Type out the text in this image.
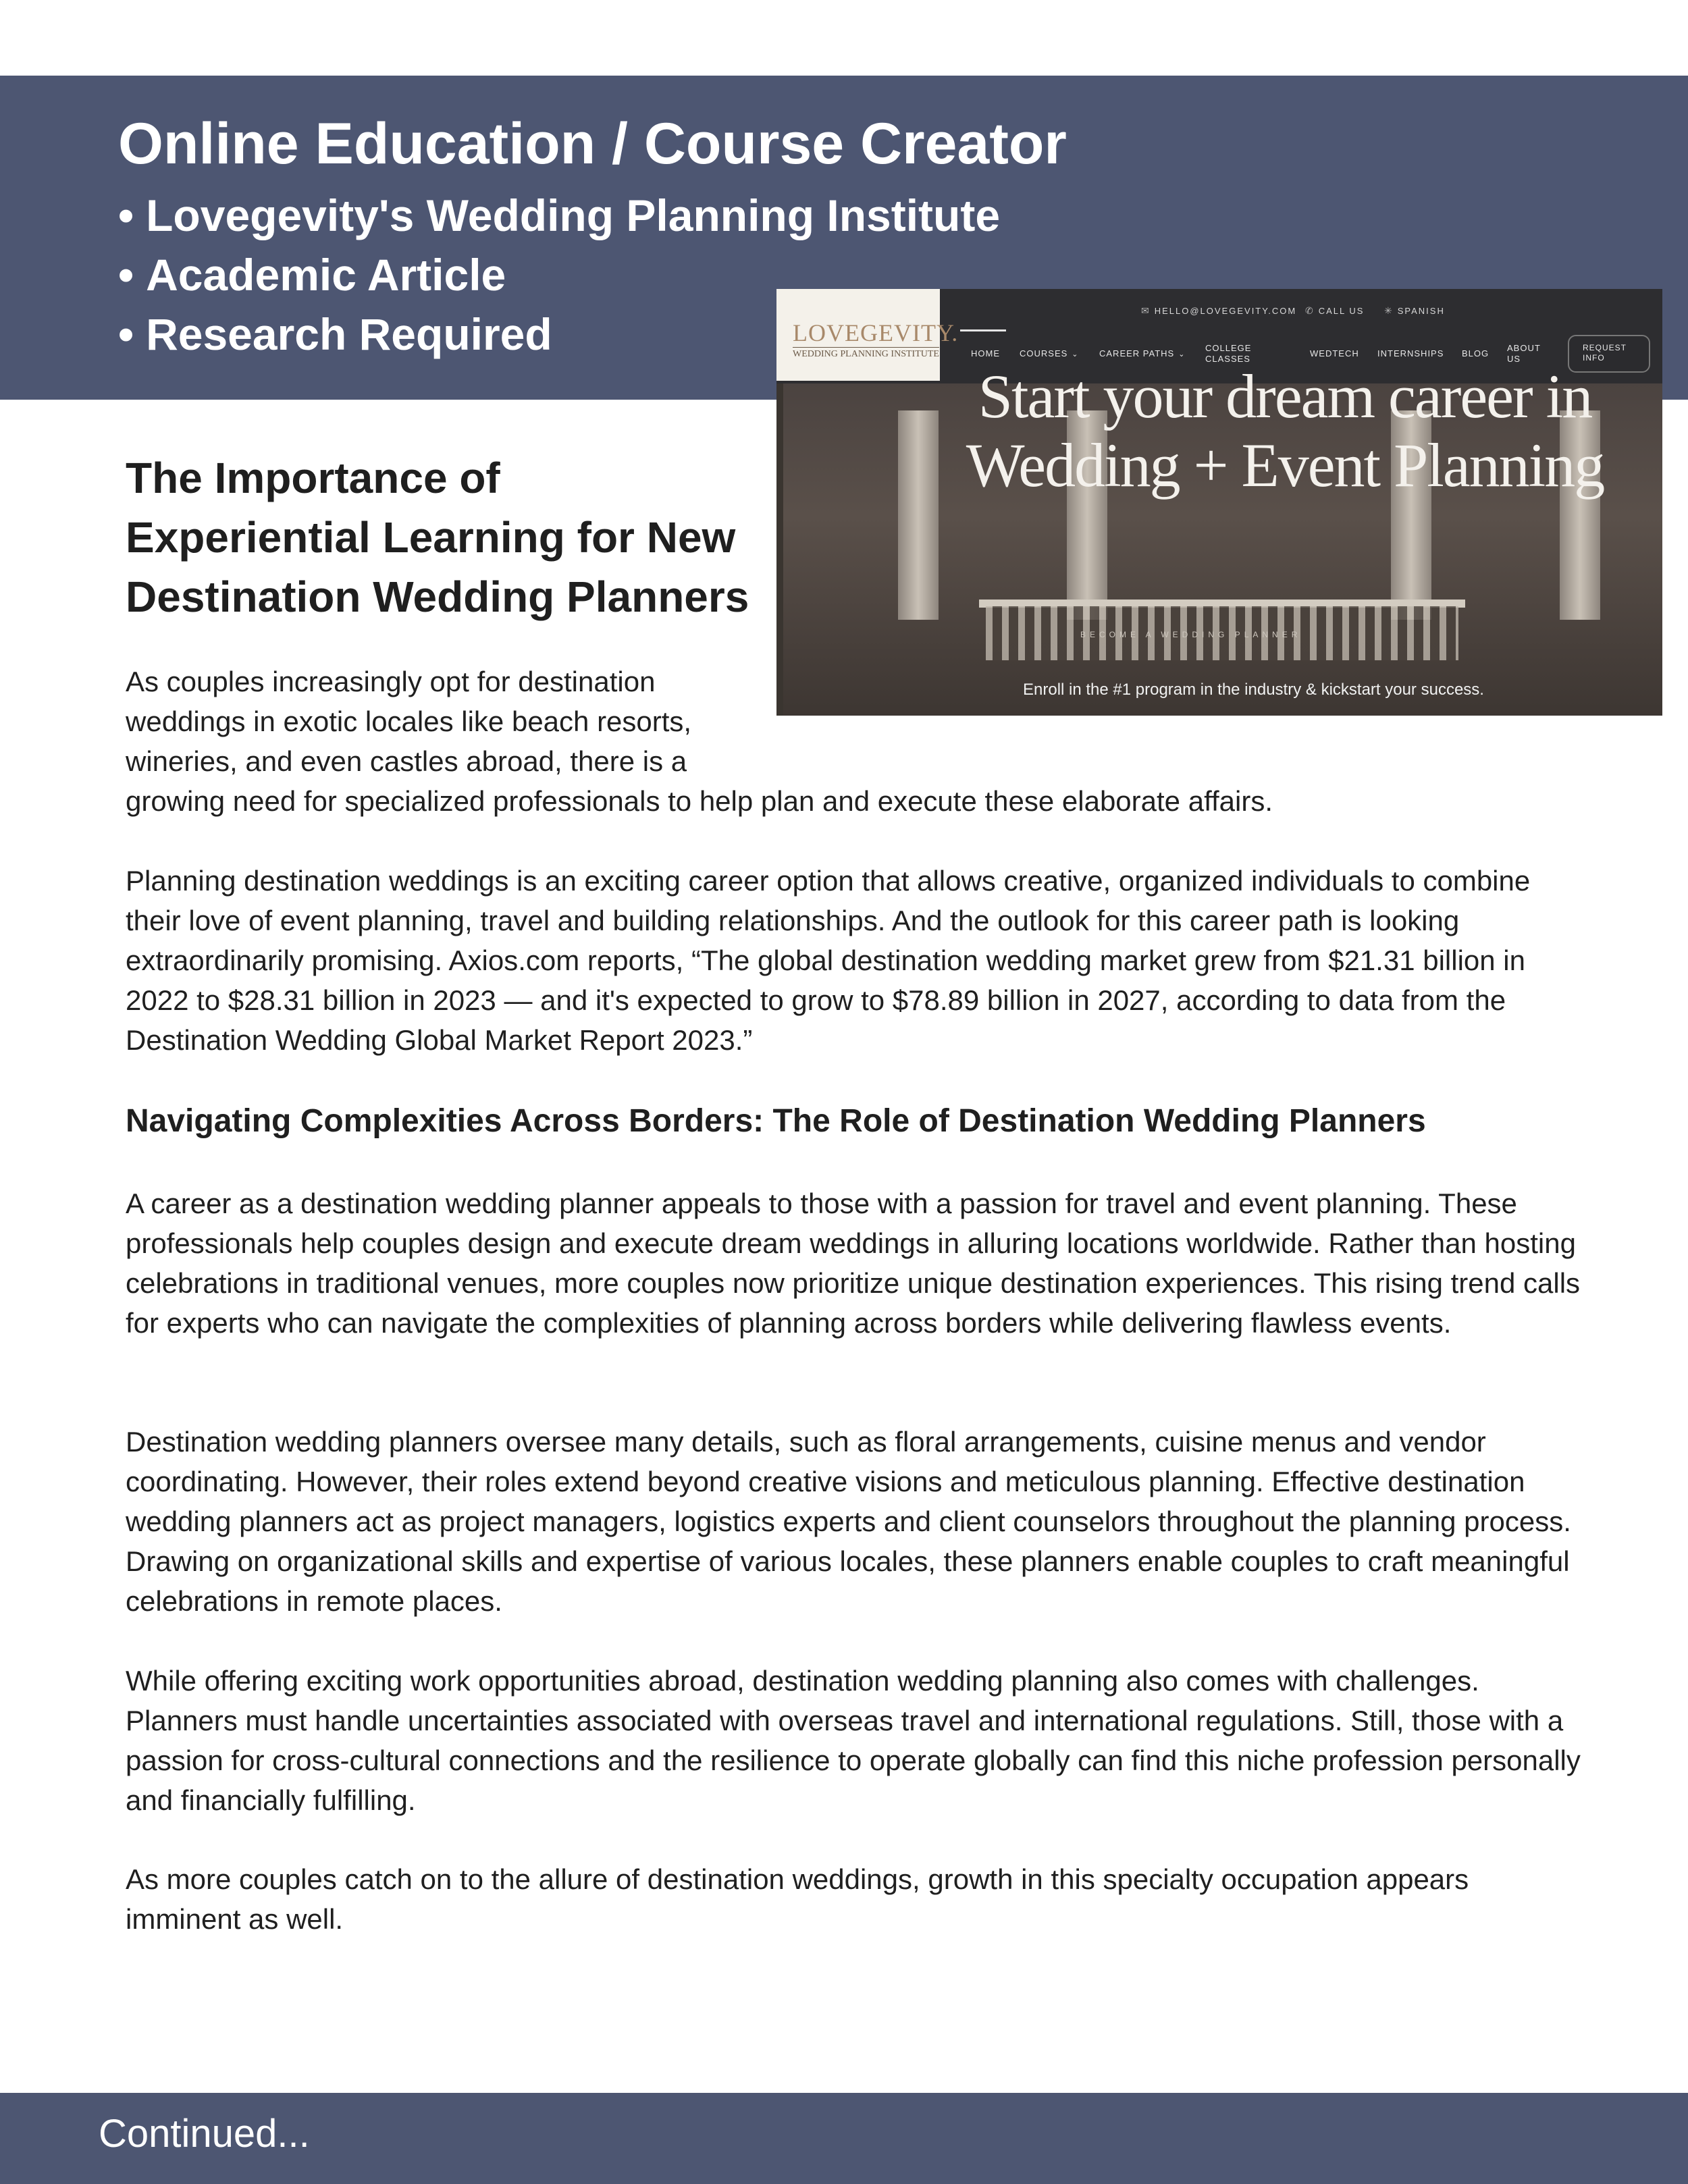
Online Education / Course Creator
• Lovegevity's Wedding Planning Institute
• Academic Article
• Research Required	LOVEGEVITY.
WEDDING PLANNING INSTITUTE
✉ HELLO@LOVEGEVITY.COM ✆ CALL US ✳ SPANISH
HOME COURSES ⌄ CAREER PATHS ⌄
COLLEGE
CLASSES
WEDTECH INTERNSHIPS BLOG
ABOUT
US
REQUEST
INFO
Start your dream career in
Wedding + Event Planning
BECOME A WEDDING PLANNER
Enroll in the #1 program in the industry & kickstart your success.
The Importance of
Experiential Learning for New
Destination Wedding Planners

As couples increasingly opt for destination
weddings in exotic locales like beach resorts,
wineries, and even castles abroad, there is a
growing need for specialized professionals to help plan and execute these elaborate affairs.

Planning destination weddings is an exciting career option that allows creative, organized individuals to combine their love of event planning, travel and building relationships. And the outlook for this career path is looking extraordinarily promising. Axios.com reports, “The global destination wedding market grew from $21.31 billion in 2022 to $28.31 billion in 2023 — and it's expected to grow to $78.89 billion in 2027, according to data from the Destination Wedding Global Market Report 2023.”

Navigating Complexities Across Borders: The Role of Destination Wedding Planners

A career as a destination wedding planner appeals to those with a passion for travel and event planning. These professionals help couples design and execute dream weddings in alluring locations worldwide. Rather than hosting celebrations in traditional venues, more couples now prioritize unique destination experiences. This rising trend calls for experts who can navigate the complexities of planning across borders while delivering flawless events.

Destination wedding planners oversee many details, such as floral arrangements, cuisine menus and vendor coordinating. However, their roles extend beyond creative visions and meticulous planning. Effective destination wedding planners act as project managers, logistics experts and client counselors throughout the planning process. Drawing on organizational skills and expertise of various locales, these planners enable couples to craft meaningful celebrations in remote places.

While offering exciting work opportunities abroad, destination wedding planning also comes with challenges. Planners must handle uncertainties associated with overseas travel and international regulations. Still, those with a passion for cross-cultural connections and the resilience to operate globally can find this niche profession personally and financially fulfilling.

As more couples catch on to the allure of destination weddings, growth in this specialty occupation appears imminent as well.

Continued...
